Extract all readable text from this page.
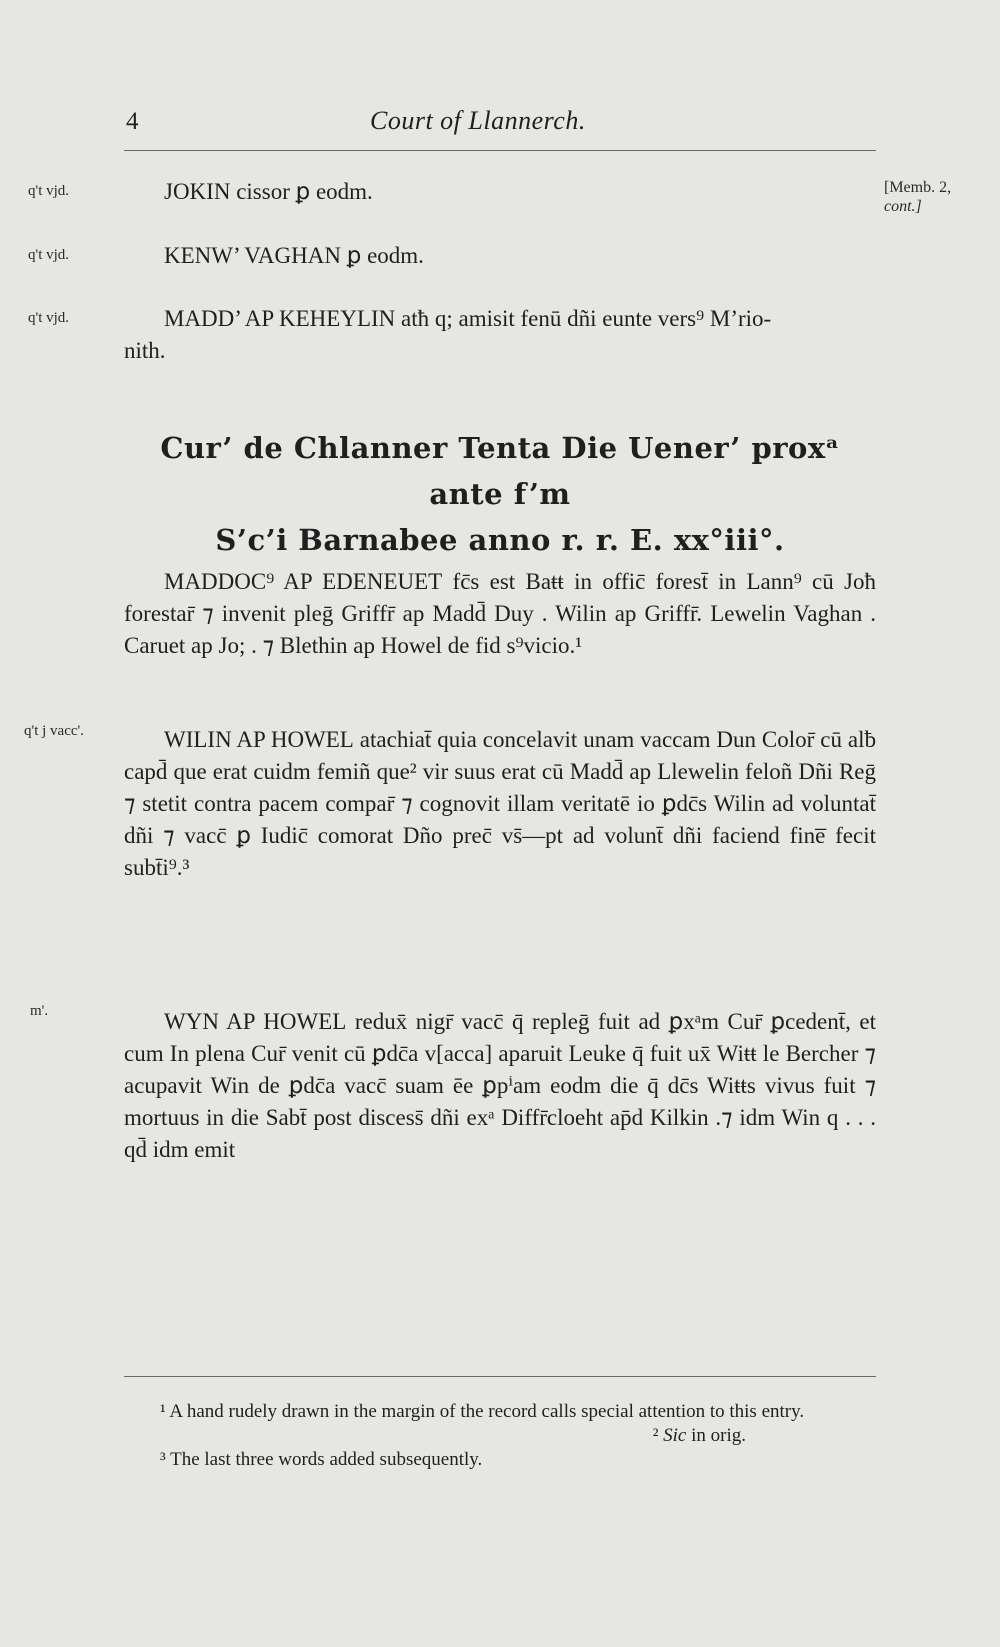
4	Court of Llannerch.
[Memb. 2,
cont.]
q't vjd.	JOKIN cissor ꝑ eodm.
q't vjd.	KENW’ VAGHAN ꝑ eodm.
q't vjd.	MADD’ AP KEHEYLIN atħ q; amisit fenū dñi eunte vers⁹ M’rio-
nith.
Cur’ de Chlanner Tenta Die Uener’ proxᵃ ante f’m
S’c’i Barnabee anno r. r. E. xx°iii°.

MADDOC⁹ AP EDENEUET fc̄s est Baŧŧ in offic̄ forest̄ in Lann⁹ cū Joħ forestar̄ ⁊ invenit pleḡ Griffr̄ ap Madd̄ Duy . Wilin ap Griffr̄. Lewelin Vaghan . Caruet ap Jo; . ⁊ Blethin ap Howel de fid s⁹vicio.¹

q't j vacc'.	WILIN AP HOWEL atachiat̄ quia concelavit unam vaccam Dun Color̄ cū alƀ capd̄ que erat cuidm femiñ que² vir suus erat cū Madd̄ ap Llewelin feloñ Dñi Reḡ ⁊ stetit contra pacem compar̄ ⁊ cognovit illam veritatē io ꝑdc̄s Wilin ad voluntat̄ dñi ⁊ vacc̄ ꝑ Iudic̄ comorat Dño prec̄ vs̄—pt ad volunt̄ dñi faciend fine̅ fecit subt̄i⁹.³

m'.	WYN AP HOWEL redux̄ nigr̄ vacc̄ q̄ repleḡ fuit ad ꝑxᵃm Cur̄ ꝑcedent̄, et cum In plena Cur̄ venit cū ꝑdc̄a v[acca] aparuit Leuke q̄ fuit ux̄ Wiŧŧ le Bercher ⁊ acupavit Win de ꝑdc̄a vacc̄ suam ēe ꝑpⁱam eodm die q̄ dc̄s Wiŧŧs vivus fuit ⁊ mortuus in die Sabt̄ post discess̄ dñi exᵃ Diffr̄cloeht ap̄d Kilkin .⁊ idm Win q . . . qd̄ idm emit

¹ A hand rudely drawn in the margin of the record calls special attention to this entry.

² Sic in orig.

³ The last three words added subsequently.
